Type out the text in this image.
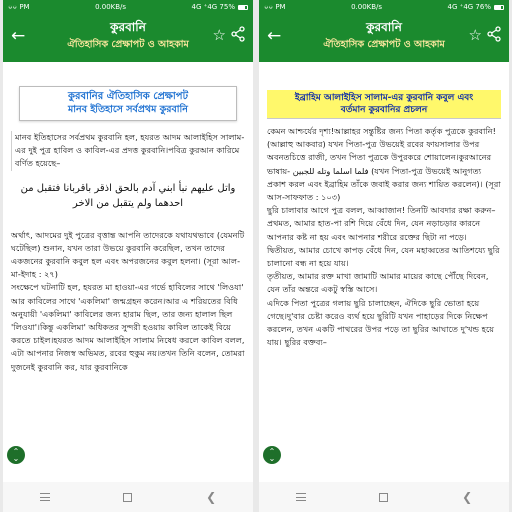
০০ PM	0.00KB/s	4G ⁺4G 75%
←	কুরবানি
ঐতিহাসিক প্রেক্ষাপট ও আহকাম
☆
কুরবানির ঐতিহাসিক প্রেক্ষাপট
মানব ইতিহাসে সর্বপ্রথম কুরবানি

মানব ইতিহাসের সর্বপ্রথম কুরবানি হল, হযরত আদম আলাইহিস সালাম-এর দুই পুত্র হাবিল ও কাবিল-এর প্রদত্ত কুরবানি।পবিত্র কুরআন কারিমে বর্ণিত হয়েছে–

واتل عليهم نبأ ابني آدم بالحق اذقر باقربانا فتقبل من احدهما ولم يتقبل من الاخر

অর্থাৎ, আদমের দুই পুত্রের বৃত্তান্ত আপনি তাদেরকে যথাযথভাবে (যেমনটি ঘটেছিল) শুনান, যখন তারা উভয়ে কুরবানি করেছিল, তখন তাদের একজনের কুরবানি কবুল হল এবং অপরজনের কবুল হলনা। (সূরা আল-মা-ইদাহ : ২৭)

সংক্ষেপে ঘটনাটি হল, হযরত মা হাওয়া-এর গর্ভে হাবিলের সাথে 'লিওযা' আর কাবিলের সাথে 'একলিমা' জন্মগ্রহন করেন।আর এ শরিয়তের বিধি অনুযায়ী 'একলিমা' কাবিলের জন্য হারাম ছিল, তার জন্য হালাল ছিল 'লিওযা'।কিন্তু একলিমা' অধিকতর সুন্দরী হওয়ায় কাবিল তাকেই বিয়ে করতে চাইল।হযরত আদম আলাইহিস সালাম নিষেধ করলে কাবিল বলল, এটা আপনার নিজস্ব অভিমত, রবের হুকুম নয়।তখন তিনি বলেন, তোমরা দুজনেই কুরবানি কর, যার কুরবানিকে

⌃
⌄
❮
০০ PM	0.00KB/s	4G ⁺4G 76%
←	কুরবানি
ঐতিহাসিক প্রেক্ষাপট ও আহকাম
☆
ইব্রাহিম আলাইহিস সালাম-এর কুরবানি কবুল এবং
বর্তমান কুরবানির প্রচলন

কেমন আশ্চর্যের দৃশ্য!আল্লাহর সন্তুষ্টির জন্য পিতা কর্তৃক পুত্রকে কুরবানি!(আল্লাহু আকবার) যখন পিতা-পুত্র উভয়েই রবের ফায়সালার উপর অবনতচিত্তে রাজী, তখন পিতা পুত্রকে উপুরকরে শোয়ালেন।কুরআনের ভাষায়- فلما اسلما وتله للجبين (যখন পিতা-পুত্র উভয়েই আনুগত্য প্রকাশ করল এবং ইব্রাহিম তাঁকে জবাই করার জন্য শায়িত করলেন)। (সূরা আস-সাফফাত : ১০৩)

ছুরি চালাবার আগে পুত্র বলল, আব্বাজান! তিনটি আবদার রক্ষা করুন–

প্রথমত, আমার হাত-পা রশি দিয়ে বেঁধে দিন, যেন নড়াচড়ার কারনে আপনার কষ্ট না হয় এবং আপনার শরীরে রক্তের ছিটা না পড়ে।

দ্বিতীয়ত, আমার চোখে কাপড় বেঁধে দিন, যেন মহাব্বতের আতিশয্যে ছুরি চালানো বন্ধ না হয়ে যায়।

তৃতীয়ত, আমার রক্ত মাখা জামাটি আমার মায়ের কাছে পৌঁছে দিবেন, যেন তাঁর অন্তরে একটু স্বস্তি আসে।

এদিকে পিতা পুত্রের গলায় ছুরি চালাচ্ছেন, ঐদিকে ছুরি ভোতা হয়ে গেছে।দু'বার চেষ্টা করেও ব্যর্থ হয়ে ছুরিটি যখন পাহাড়ের দিকে নিক্ষেপ করলেন, তখন একটি পাথরের উপর পড়ে তা ছুরির আঘাতে দু'খন্ড হয়ে যায়। ছুরির বক্তব্য–

⌃
⌄
❮
